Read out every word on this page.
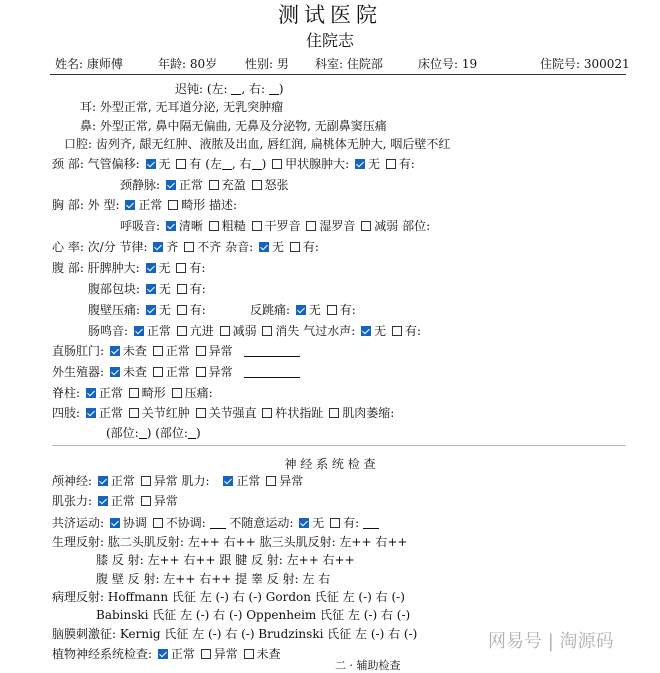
测试医院
住院志
姓名: 康师傅	年龄: 80岁 性别: 男 科室: 住院部	床位号: 19	住院号: 300021
迟钝: (左: , 右: )
耳: 外型正常, 无耳道分泌, 无乳突肿瘤
鼻: 外型正常, 鼻中隔无偏曲, 无鼻及分泌物, 无副鼻窦压痛
口腔: 齿列齐, 龈无红肿、液脓及出血, 唇红润, 扁桃体无肿大, 咽后壁不红
颈 部: 气管偏移: 无 有 (左 , 右 ) 甲状腺肿大: 无 有:
颈静脉: 正常 充盈 怒张
胸 部: 外 型: 正常 畸形 描述:
呼吸音: 清晰 粗糙 干罗音 湿罗音 减弱 部位:
心 率: 次/分 节律: 齐 不齐 杂音: 无 有:
腹 部: 肝脾肿大: 无 有:
腹部包块: 无 有:
腹壁压痛: 无 有:	反跳痛: 无 有:
肠鸣音: 正常 亢进 减弱 消失 气过水声: 无 有:
直肠肛门: 未查 正常 异常
外生殖器: 未查 正常 异常
脊柱: 正常 畸形 压痛:
四肢: 正常 关节红肿 关节强直 杵状指趾 肌肉萎缩:
(部位: ) (部位: )
神 经 系 统 检 查
颅神经: 正常 异常 肌力: 正常 异常
肌张力: 正常 异常
共济运动: 协调 不协调: 不随意运动: 无 有:
生理反射: 肱二头肌反射: 左++ 右++ 肱三头肌反射: 左++ 右++
膝 反 射: 左++ 右++ 跟 腱 反 射: 左++ 右++
腹 壁 反 射: 左++ 右++ 提 睾 反 射: 左 右
病理反射: Hoffmann 氏征 左 (-) 右 (-) Gordon 氏征 左 (-) 右 (-)
Babinski 氏征 左 (-) 右 (-) Oppenheim 氏征 左 (-) 右 (-)
脑膜刺激征: Kernig 氏征 左 (-) 右 (-) Brudzinski 氏征 左 (-) 右 (-)
植物神经系统检查: 正常 异常 未查
二 · 辅助检查
网易号 | 淘源码
